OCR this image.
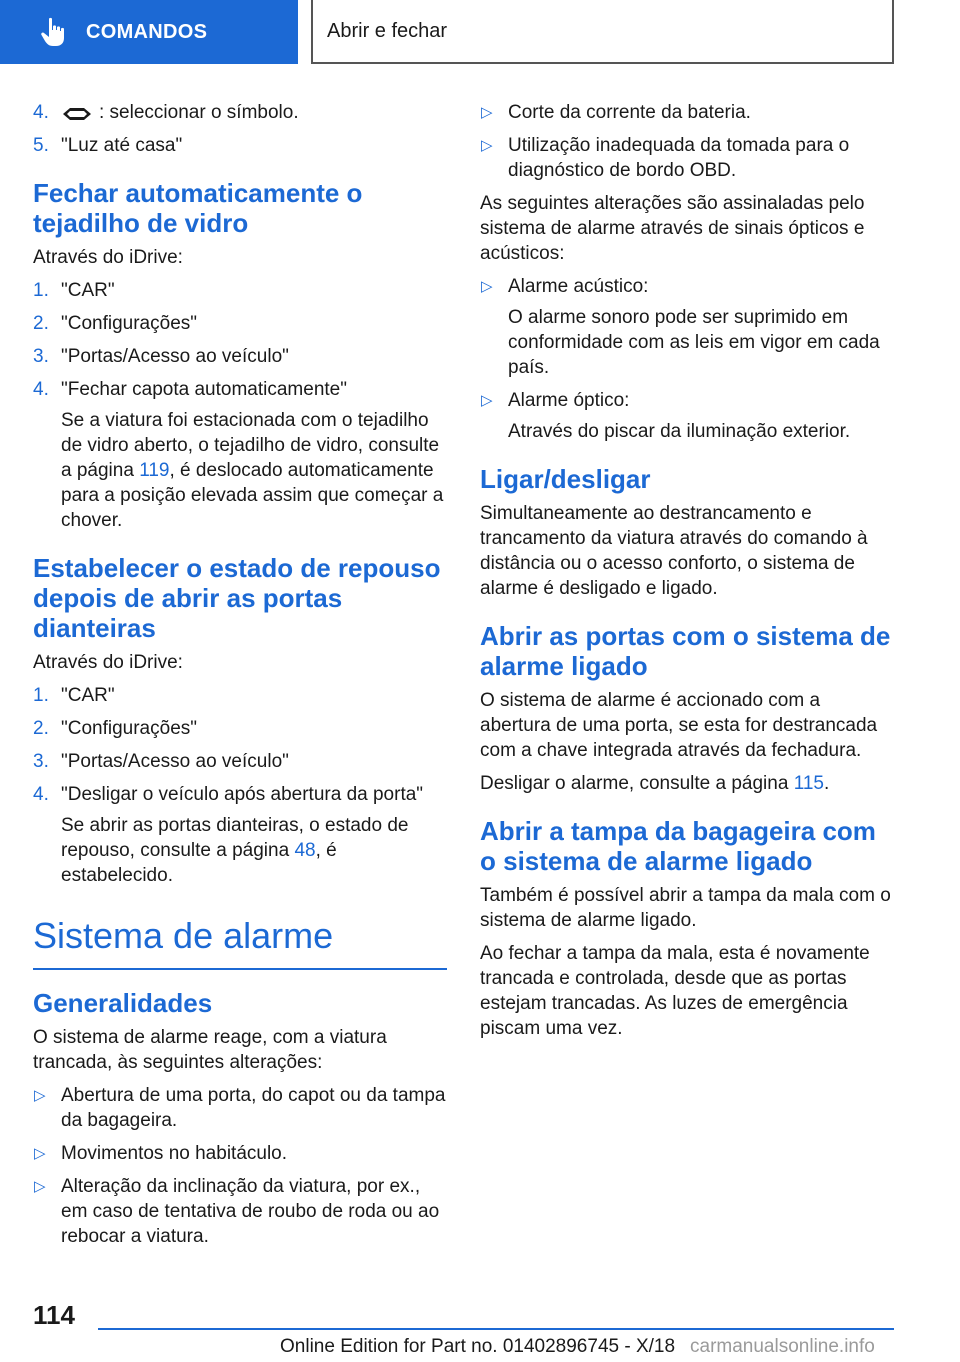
COMANDOS	Abrir e fechar
4.	: seleccionar o símbolo.
5. "Luz até casa"
Fechar automaticamente o tejadilho de vidro

Através do iDrive:

1. "CAR"
2. "Configurações"
3. "Portas/Acesso ao veículo"
4. "Fechar capota automaticamente"
Se a viatura foi estacionada com o tejadilho de vidro aberto, o tejadilho de vidro, consulte a página 119, é deslocado automaticamente para a posição elevada assim que começar a chover.
Estabelecer o estado de repouso depois de abrir as portas dianteiras

Através do iDrive:

1. "CAR"
2. "Configurações"
3. "Portas/Acesso ao veículo"
4. "Desligar o veículo após abertura da porta"
Se abrir as portas dianteiras, o estado de repouso, consulte a página 48, é estabelecido.
Sistema de alarme
Generalidades

O sistema de alarme reage, com a viatura trancada, às seguintes alterações:

▷ Abertura de uma porta, do capot ou da tampa da bagageira.
▷ Movimentos no habitáculo.
▷ Alteração da inclinação da viatura, por ex., em caso de tentativa de roubo de roda ou ao rebocar a viatura.
▷ Corte da corrente da bateria.
▷ Utilização inadequada da tomada para o diagnóstico de bordo OBD.

As seguintes alterações são assinaladas pelo sistema de alarme através de sinais ópticos e acústicos:

▷ Alarme acústico:
O alarme sonoro pode ser suprimido em conformidade com as leis em vigor em cada país.
▷ Alarme óptico:
Através do piscar da iluminação exterior.
Ligar/desligar

Simultaneamente ao destrancamento e trancamento da viatura através do comando à distância ou o acesso conforto, o sistema de alarme é desligado e ligado.

Abrir as portas com o sistema de alarme ligado

O sistema de alarme é accionado com a abertura de uma porta, se esta for destrancada com a chave integrada através da fechadura.

Desligar o alarme, consulte a página 115.

Abrir a tampa da bagageira com o sistema de alarme ligado

Também é possível abrir a tampa da mala com o sistema de alarme ligado.

Ao fechar a tampa da mala, esta é novamente trancada e controlada, desde que as portas estejam trancadas. As luzes de emergência piscam uma vez.

114
Online Edition for Part no. 01402896745 - X/18 carmanualsonline.info
